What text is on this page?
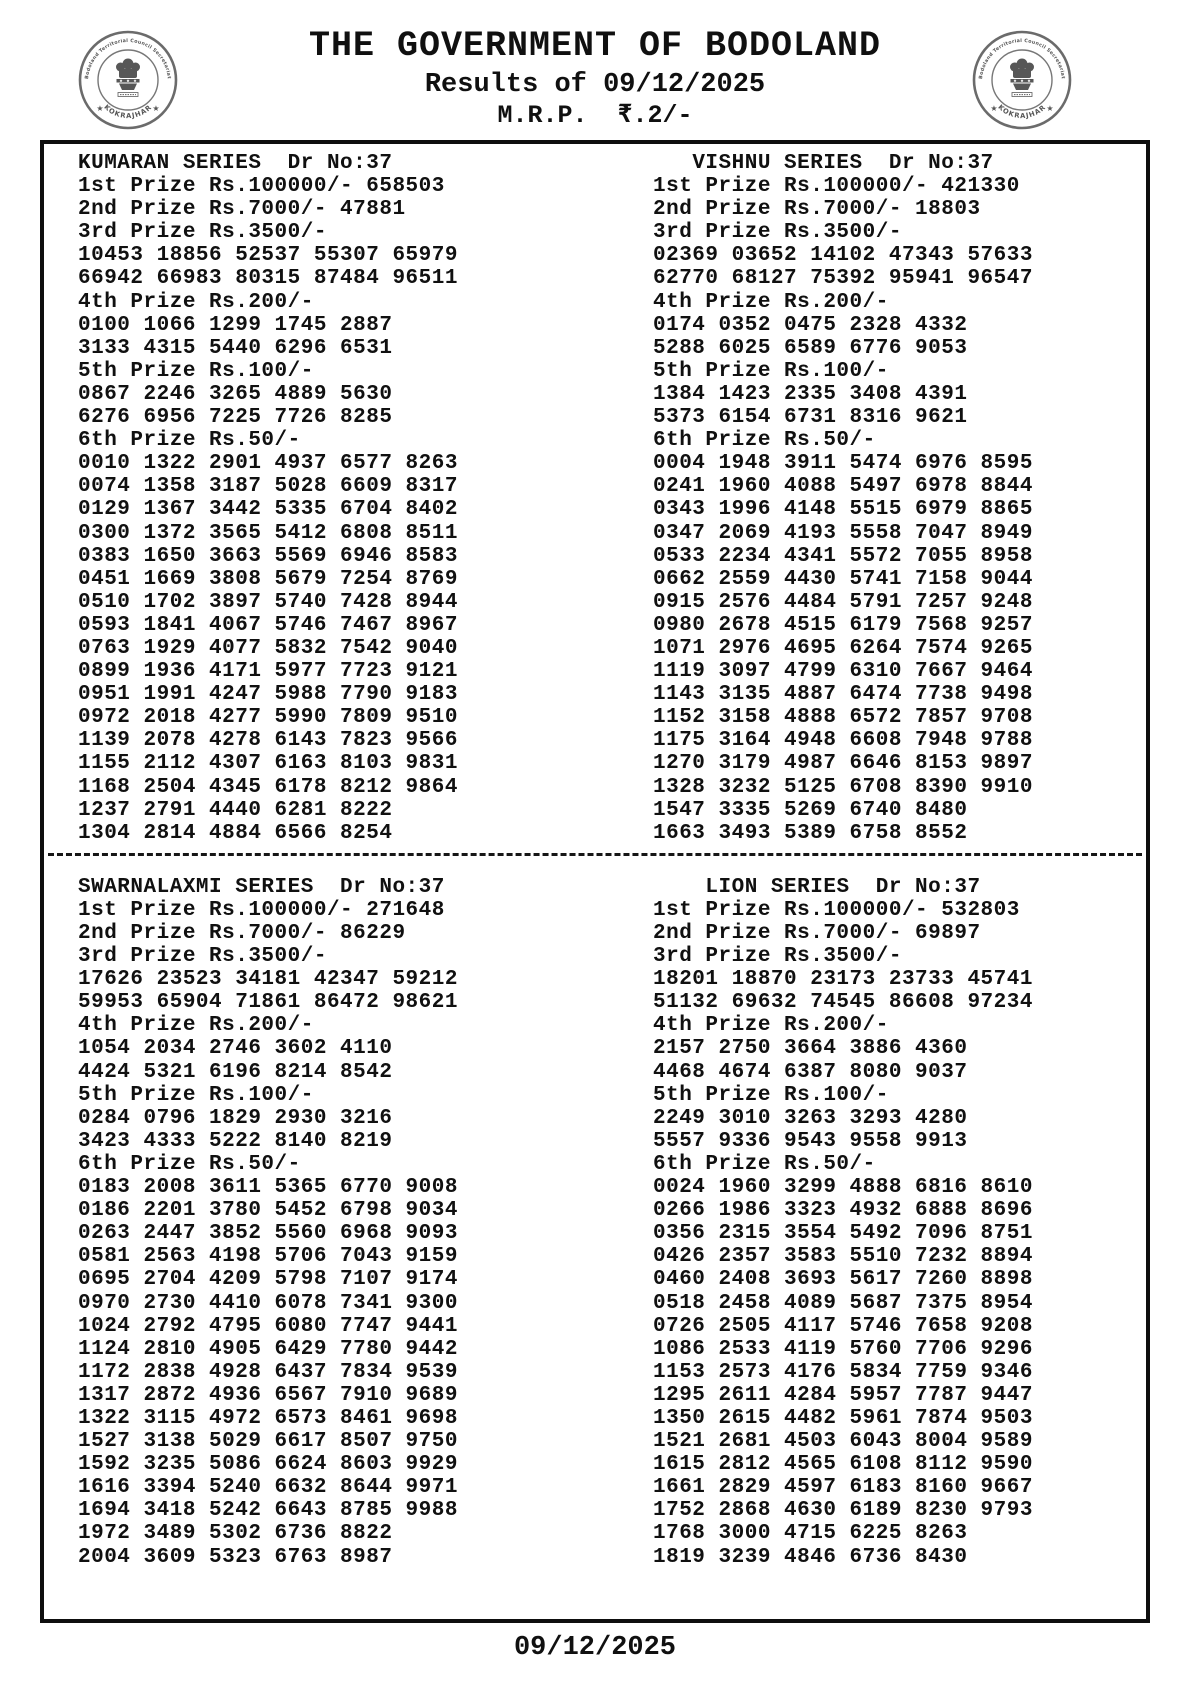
Bodoland Territorial Council Secretariat
KOKRAJHAR
★	★
THE GOVERNMENT OF BODOLAND
Results of 09/12/2025
M.R.P.  ₹.2/-
Bodoland Territorial Council Secretariat
KOKRAJHAR
★	★
KUMARAN SERIES  Dr No:37
1st Prize Rs.100000/- 658503
2nd Prize Rs.7000/- 47881
3rd Prize Rs.3500/-
10453 18856 52537 55307 65979
66942 66983 80315 87484 96511
4th Prize Rs.200/-
0100 1066 1299 1745 2887
3133 4315 5440 6296 6531
5th Prize Rs.100/-
0867 2246 3265 4889 5630
6276 6956 7225 7726 8285
6th Prize Rs.50/-
0010 1322 2901 4937 6577 8263
0074 1358 3187 5028 6609 8317
0129 1367 3442 5335 6704 8402
0300 1372 3565 5412 6808 8511
0383 1650 3663 5569 6946 8583
0451 1669 3808 5679 7254 8769
0510 1702 3897 5740 7428 8944
0593 1841 4067 5746 7467 8967
0763 1929 4077 5832 7542 9040
0899 1936 4171 5977 7723 9121
0951 1991 4247 5988 7790 9183
0972 2018 4277 5990 7809 9510
1139 2078 4278 6143 7823 9566
1155 2112 4307 6163 8103 9831
1168 2504 4345 6178 8212 9864
1237 2791 4440 6281 8222
1304 2814 4884 6566 8254
VISHNU SERIES  Dr No:37
1st Prize Rs.100000/- 421330
2nd Prize Rs.7000/- 18803
3rd Prize Rs.3500/-
02369 03652 14102 47343 57633
62770 68127 75392 95941 96547
4th Prize Rs.200/-
0174 0352 0475 2328 4332
5288 6025 6589 6776 9053
5th Prize Rs.100/-
1384 1423 2335 3408 4391
5373 6154 6731 8316 9621
6th Prize Rs.50/-
0004 1948 3911 5474 6976 8595
0241 1960 4088 5497 6978 8844
0343 1996 4148 5515 6979 8865
0347 2069 4193 5558 7047 8949
0533 2234 4341 5572 7055 8958
0662 2559 4430 5741 7158 9044
0915 2576 4484 5791 7257 9248
0980 2678 4515 6179 7568 9257
1071 2976 4695 6264 7574 9265
1119 3097 4799 6310 7667 9464
1143 3135 4887 6474 7738 9498
1152 3158 4888 6572 7857 9708
1175 3164 4948 6608 7948 9788
1270 3179 4987 6646 8153 9897
1328 3232 5125 6708 8390 9910
1547 3335 5269 6740 8480
1663 3493 5389 6758 8552
SWARNALAXMI SERIES  Dr No:37
1st Prize Rs.100000/- 271648
2nd Prize Rs.7000/- 86229
3rd Prize Rs.3500/-
17626 23523 34181 42347 59212
59953 65904 71861 86472 98621
4th Prize Rs.200/-
1054 2034 2746 3602 4110
4424 5321 6196 8214 8542
5th Prize Rs.100/-
0284 0796 1829 2930 3216
3423 4333 5222 8140 8219
6th Prize Rs.50/-
0183 2008 3611 5365 6770 9008
0186 2201 3780 5452 6798 9034
0263 2447 3852 5560 6968 9093
0581 2563 4198 5706 7043 9159
0695 2704 4209 5798 7107 9174
0970 2730 4410 6078 7341 9300
1024 2792 4795 6080 7747 9441
1124 2810 4905 6429 7780 9442
1172 2838 4928 6437 7834 9539
1317 2872 4936 6567 7910 9689
1322 3115 4972 6573 8461 9698
1527 3138 5029 6617 8507 9750
1592 3235 5086 6624 8603 9929
1616 3394 5240 6632 8644 9971
1694 3418 5242 6643 8785 9988
1972 3489 5302 6736 8822
2004 3609 5323 6763 8987
LION SERIES  Dr No:37
1st Prize Rs.100000/- 532803
2nd Prize Rs.7000/- 69897
3rd Prize Rs.3500/-
18201 18870 23173 23733 45741
51132 69632 74545 86608 97234
4th Prize Rs.200/-
2157 2750 3664 3886 4360
4468 4674 6387 8080 9037
5th Prize Rs.100/-
2249 3010 3263 3293 4280
5557 9336 9543 9558 9913
6th Prize Rs.50/-
0024 1960 3299 4888 6816 8610
0266 1986 3323 4932 6888 8696
0356 2315 3554 5492 7096 8751
0426 2357 3583 5510 7232 8894
0460 2408 3693 5617 7260 8898
0518 2458 4089 5687 7375 8954
0726 2505 4117 5746 7658 9208
1086 2533 4119 5760 7706 9296
1153 2573 4176 5834 7759 9346
1295 2611 4284 5957 7787 9447
1350 2615 4482 5961 7874 9503
1521 2681 4503 6043 8004 9589
1615 2812 4565 6108 8112 9590
1661 2829 4597 6183 8160 9667
1752 2868 4630 6189 8230 9793
1768 3000 4715 6225 8263
1819 3239 4846 6736 8430
09/12/2025
